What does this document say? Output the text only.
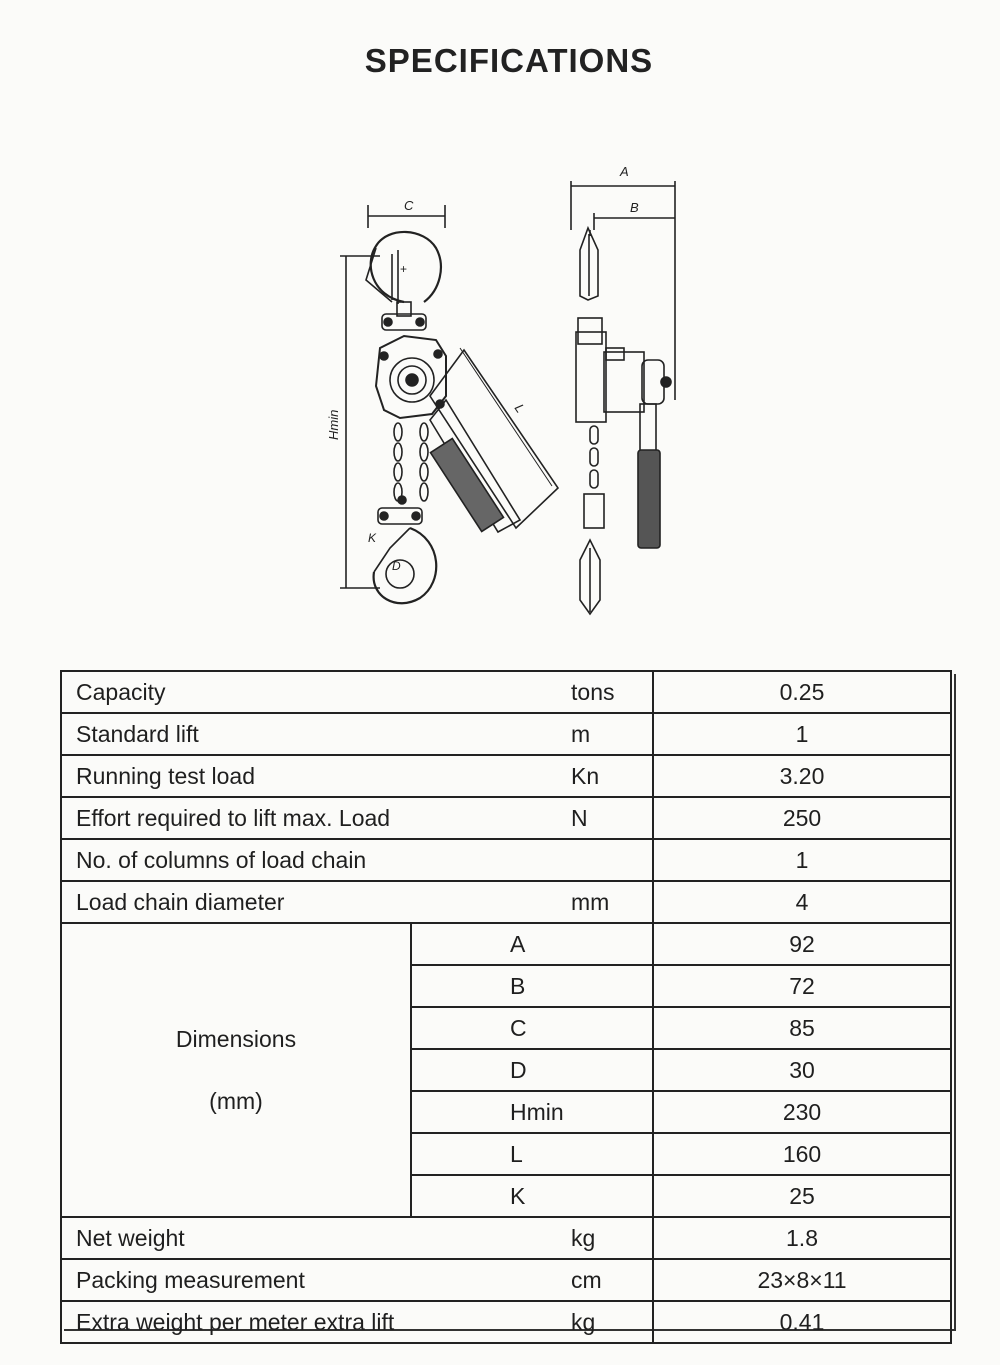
SPECIFICATIONS
+
K
D
C
Hmin
L
A
B
Capacity		tons	0.25
Standard lift		m	1
Running test load		Kn	3.20
Effort required to lift max. Load		N	250
No. of columns of load chain			1
Load chain diameter		mm	4

Dimensions
(mm)	A		92
	B		72
	C		85
	D		30
	Hmin		230
	L		160
	K		25
Net weight		kg	1.8
Packing measurement		cm	23×8×11
Extra weight per meter extra lift		kg	0.41
